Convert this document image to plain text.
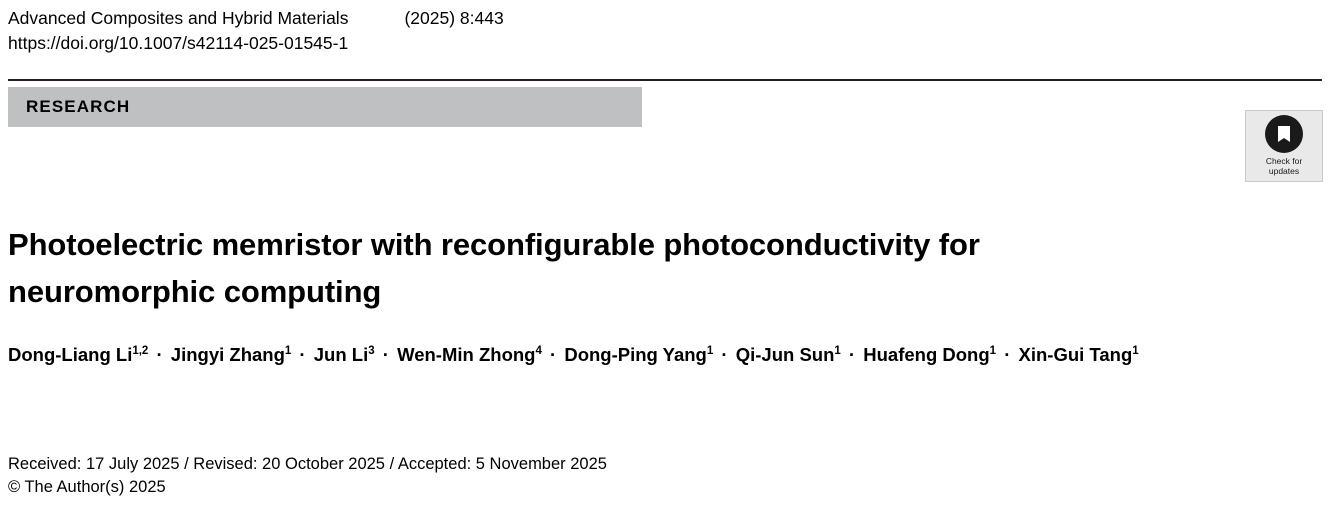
Advanced Composites and Hybrid Materials	(2025) 8:443
https://doi.org/10.1007/s42114-025-01545-1
RESEARCH
Check for
updates
Photoelectric memristor with reconfigurable photoconductivity for neuromorphic computing
Dong-Liang Li$^{1,2}$ · Jingyi Zhang$^1$ · Jun $Li^3 \cdot Wen-Min$ Zhong$^4$ · Dong-Ping Yang$^1$ · Qi-Jun Sun$^1$ · Huafeng Dong$^1$ · Xin-Gui Tang$^1$
Received: 17 July 2025 / Revised: 20 October 2025 / Accepted: 5 November 2025
© The Author(s) 2025
